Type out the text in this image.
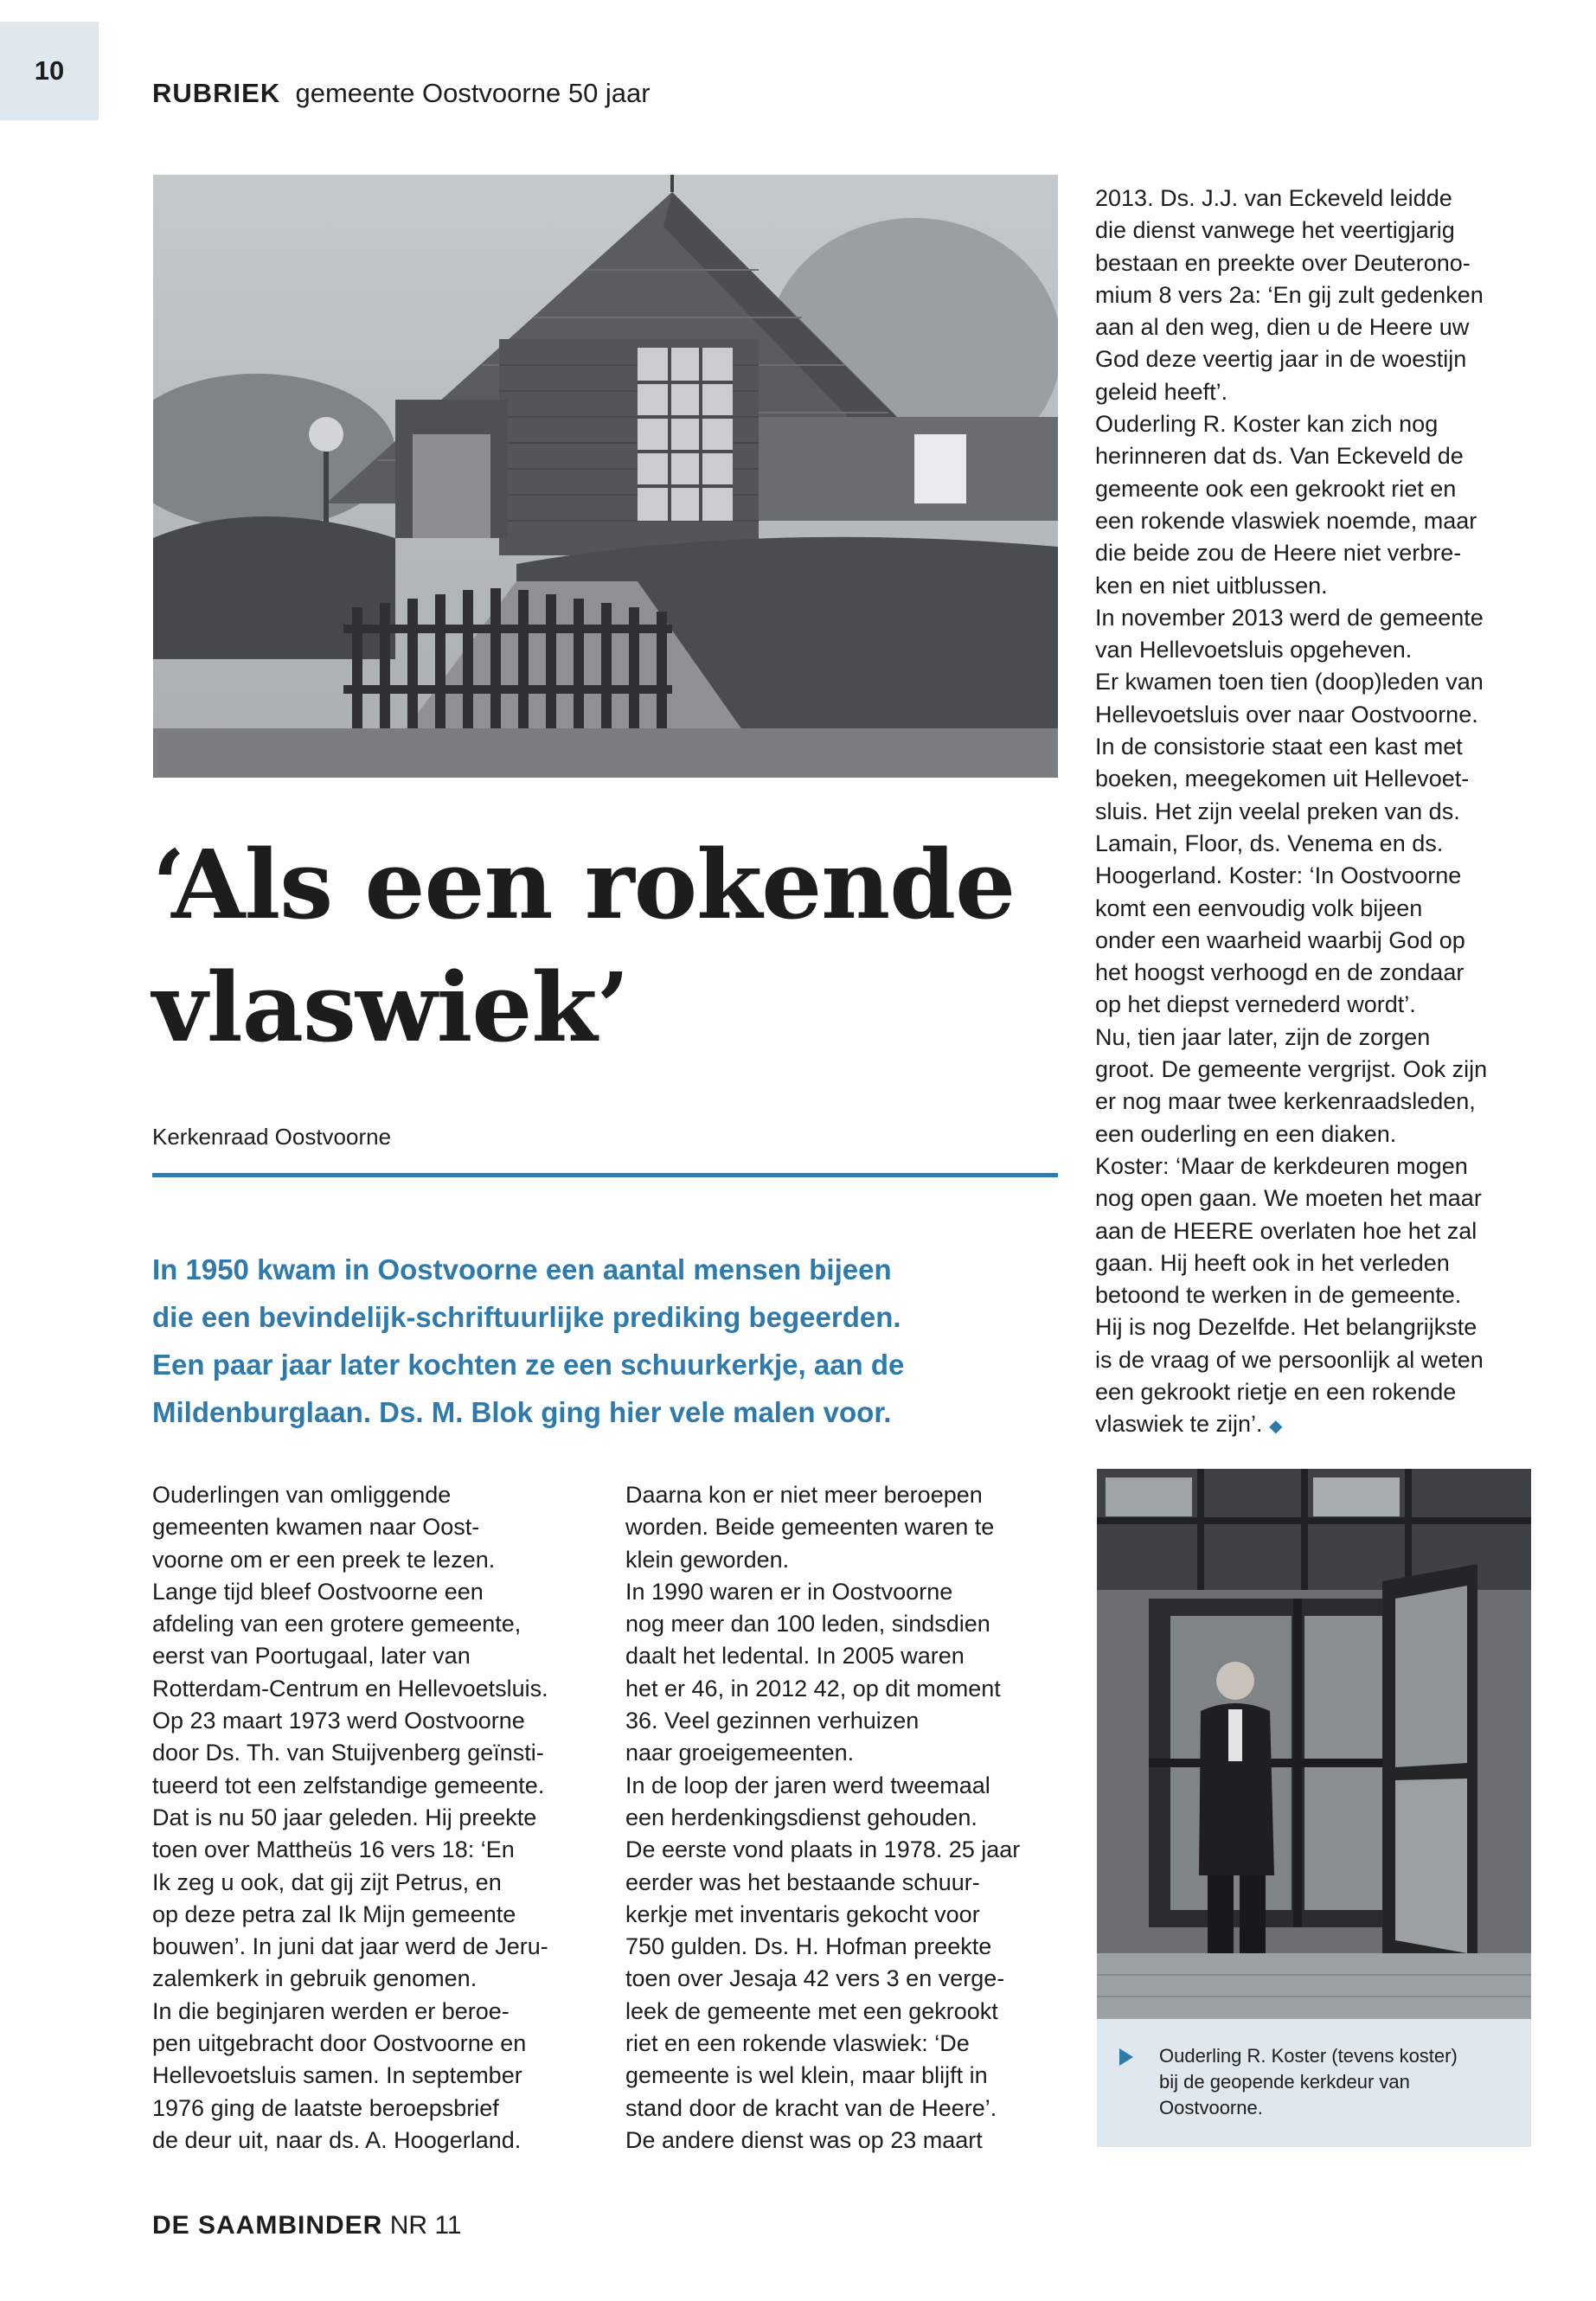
10
RUBRIEK gemeente Oostvoorne 50 jaar
‘Als een rokende
vlaswiek’
Kerkenraad Oostvoorne

In 1950 kwam in Oostvoorne een aantal mensen bijeen
die een bevindelijk-schriftuurlijke prediking begeerden.
Een paar jaar later kochten ze een schuurkerkje, aan de
Mildenburglaan. Ds. M. Blok ging hier vele malen voor.

Ouderlingen van omliggende
gemeenten kwamen naar Oost-
voorne om er een preek te lezen.
Lange tijd bleef Oostvoorne een
afdeling van een grotere gemeente,
eerst van Poortugaal, later van
Rotterdam-Centrum en Hellevoetsluis.
Op 23 maart 1973 werd Oostvoorne
door Ds. Th. van Stuijvenberg geïnsti-
tueerd tot een zelfstandige gemeente.
Dat is nu 50 jaar geleden. Hij preekte
toen over Mattheüs 16 vers 18: ‘En
Ik zeg u ook, dat gij zijt Petrus, en
op deze petra zal Ik Mijn gemeente
bouwen’. In juni dat jaar werd de Jeru-
zalemkerk in gebruik genomen.
In die beginjaren werden er beroe-
pen uitgebracht door Oostvoorne en
Hellevoetsluis samen. In september
1976 ging de laatste beroepsbrief
de deur uit, naar ds. A. Hoogerland.

Daarna kon er niet meer beroepen
worden. Beide gemeenten waren te
klein geworden.
In 1990 waren er in Oostvoorne
nog meer dan 100 leden, sindsdien
daalt het ledental. In 2005 waren
het er 46, in 2012 42, op dit moment
36. Veel gezinnen verhuizen
naar groeigemeenten.
In de loop der jaren werd tweemaal
een herdenkingsdienst gehouden.
De eerste vond plaats in 1978. 25 jaar
eerder was het bestaande schuur-
kerkje met inventaris gekocht voor
750 gulden. Ds. H. Hofman preekte
toen over Jesaja 42 vers 3 en verge-
leek de gemeente met een gekrookt
riet en een rokende vlaswiek: ‘De
gemeente is wel klein, maar blijft in
stand door de kracht van de Heere’.
De andere dienst was op 23 maart

2013. Ds. J.J. van Eckeveld leidde
die dienst vanwege het veertigjarig
bestaan en preekte over Deuterono-
mium 8 vers 2a: ‘En gij zult gedenken
aan al den weg, dien u de Heere uw
God deze veertig jaar in de woestijn
geleid heeft’.
Ouderling R. Koster kan zich nog
herinneren dat ds. Van Eckeveld de
gemeente ook een gekrookt riet en
een rokende vlaswiek noemde, maar
die beide zou de Heere niet verbre-
ken en niet uitblussen.
In november 2013 werd de gemeente
van Hellevoetsluis opgeheven.
Er kwamen toen tien (doop)leden van
Hellevoetsluis over naar Oostvoorne.
In de consistorie staat een kast met
boeken, meegekomen uit Hellevoet-
sluis. Het zijn veelal preken van ds.
Lamain, Floor, ds. Venema en ds.
Hoogerland. Koster: ‘In Oostvoorne
komt een eenvoudig volk bijeen
onder een waarheid waarbij God op
het hoogst verhoogd en de zondaar
op het diepst vernederd wordt’.
Nu, tien jaar later, zijn de zorgen
groot. De gemeente vergrijst. Ook zijn
er nog maar twee kerkenraadsleden,
een ouderling en een diaken.
Koster: ‘Maar de kerkdeuren mogen
nog open gaan. We moeten het maar
aan de HEERE overlaten hoe het zal
gaan. Hij heeft ook in het verleden
betoond te werken in de gemeente.
Hij is nog Dezelfde. Het belangrijkste
is de vraag of we persoonlijk al weten
een gekrookt rietje en een rokende
vlaswiek te zijn’. ◆

Ouderling R. Koster (tevens koster)
bij de geopende kerkdeur van
Oostvoorne.

DE SAAMBINDER NR 11
